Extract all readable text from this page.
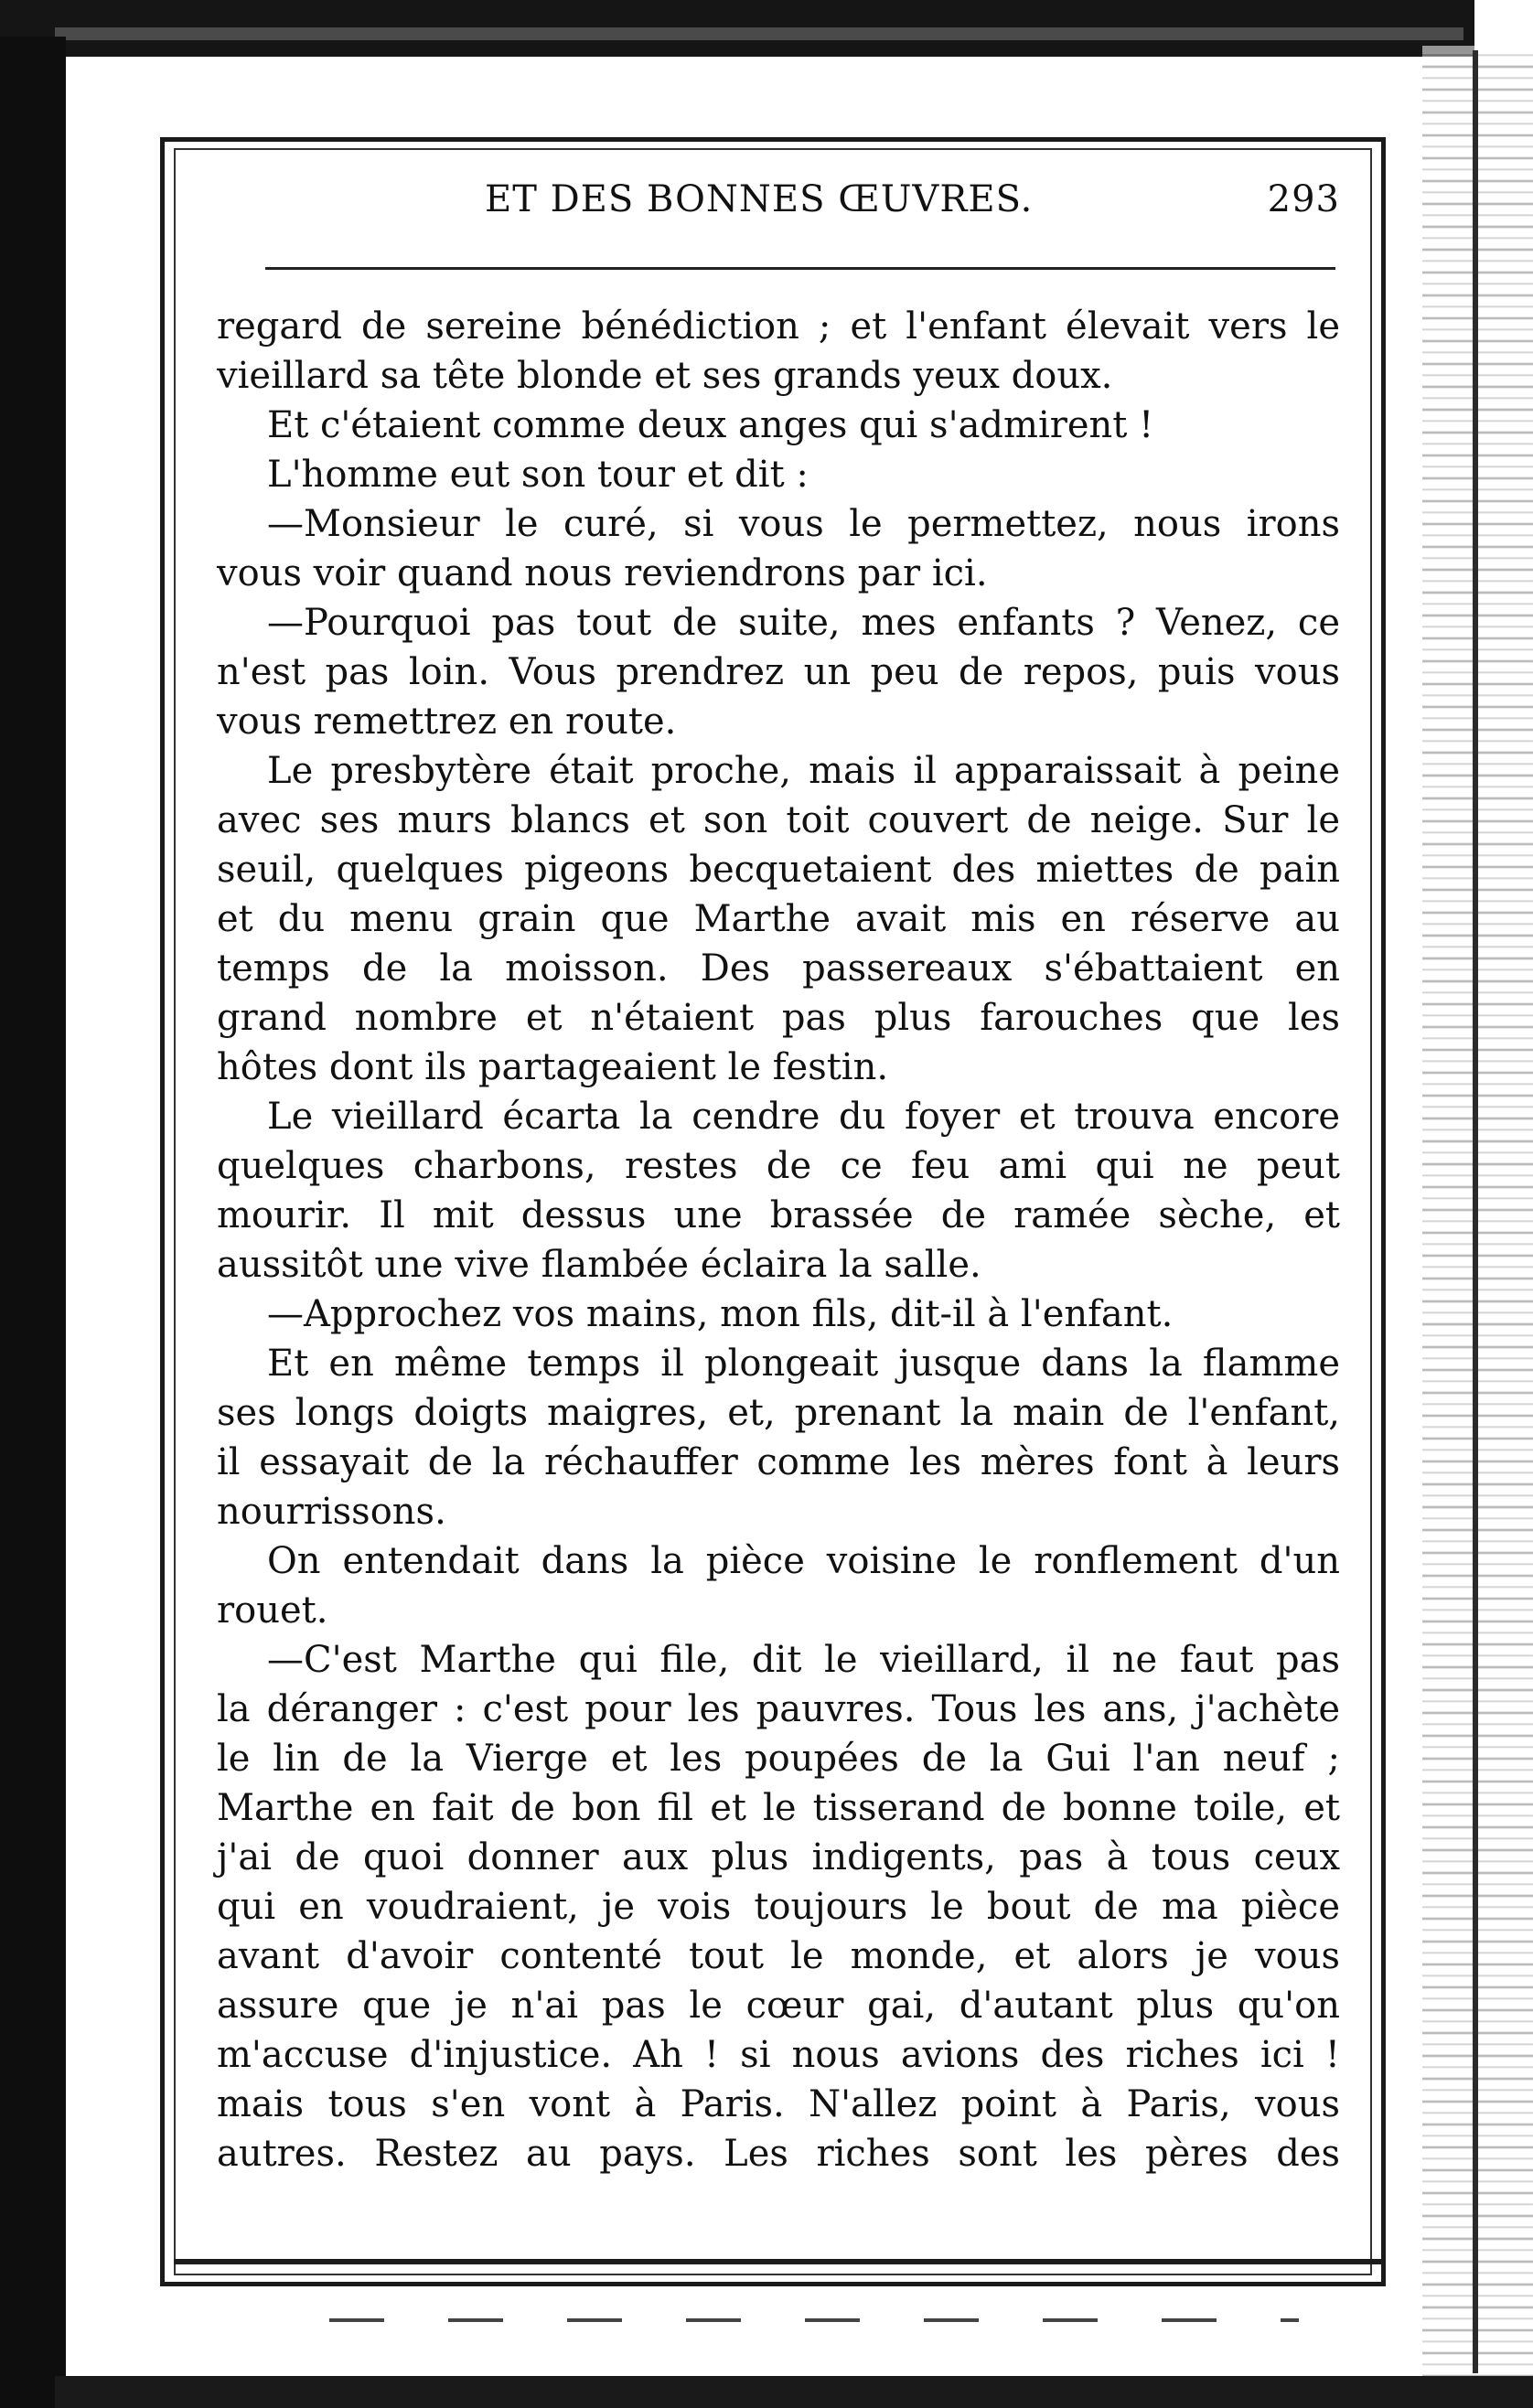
ET DES BONNES ŒUVRES.	293
regard de sereine bénédiction ; et l'enfant élevait vers le
vieillard sa tête blonde et ses grands yeux doux.
Et c'étaient comme deux anges qui s'admirent !
L'homme eut son tour et dit :
—Monsieur le curé, si vous le permettez, nous irons
vous voir quand nous reviendrons par ici.
—Pourquoi pas tout de suite, mes enfants ? Venez, ce
n'est pas loin. Vous prendrez un peu de repos, puis vous
vous remettrez en route.
Le presbytère était proche, mais il apparaissait à peine
avec ses murs blancs et son toit couvert de neige. Sur le
seuil, quelques pigeons becquetaient des miettes de pain
et du menu grain que Marthe avait mis en réserve au
temps de la moisson. Des passereaux s'ébattaient en
grand nombre et n'étaient pas plus farouches que les
hôtes dont ils partageaient le festin.
Le vieillard écarta la cendre du foyer et trouva encore
quelques charbons, restes de ce feu ami qui ne peut
mourir. Il mit dessus une brassée de ramée sèche, et
aussitôt une vive flambée éclaira la salle.
—Approchez vos mains, mon fils, dit-il à l'enfant.
Et en même temps il plongeait jusque dans la flamme
ses longs doigts maigres, et, prenant la main de l'enfant,
il essayait de la réchauffer comme les mères font à leurs
nourrissons.
On entendait dans la pièce voisine le ronflement d'un
rouet.
—C'est Marthe qui file, dit le vieillard, il ne faut pas
la déranger : c'est pour les pauvres. Tous les ans, j'achète
le lin de la Vierge et les poupées de la Gui l'an neuf ;
Marthe en fait de bon fil et le tisserand de bonne toile, et
j'ai de quoi donner aux plus indigents, pas à tous ceux
qui en voudraient, je vois toujours le bout de ma pièce
avant d'avoir contenté tout le monde, et alors je vous
assure que je n'ai pas le cœur gai, d'autant plus qu'on
m'accuse d'injustice. Ah ! si nous avions des riches ici !
mais tous s'en vont à Paris. N'allez point à Paris, vous
autres. Restez au pays. Les riches sont les pères des
